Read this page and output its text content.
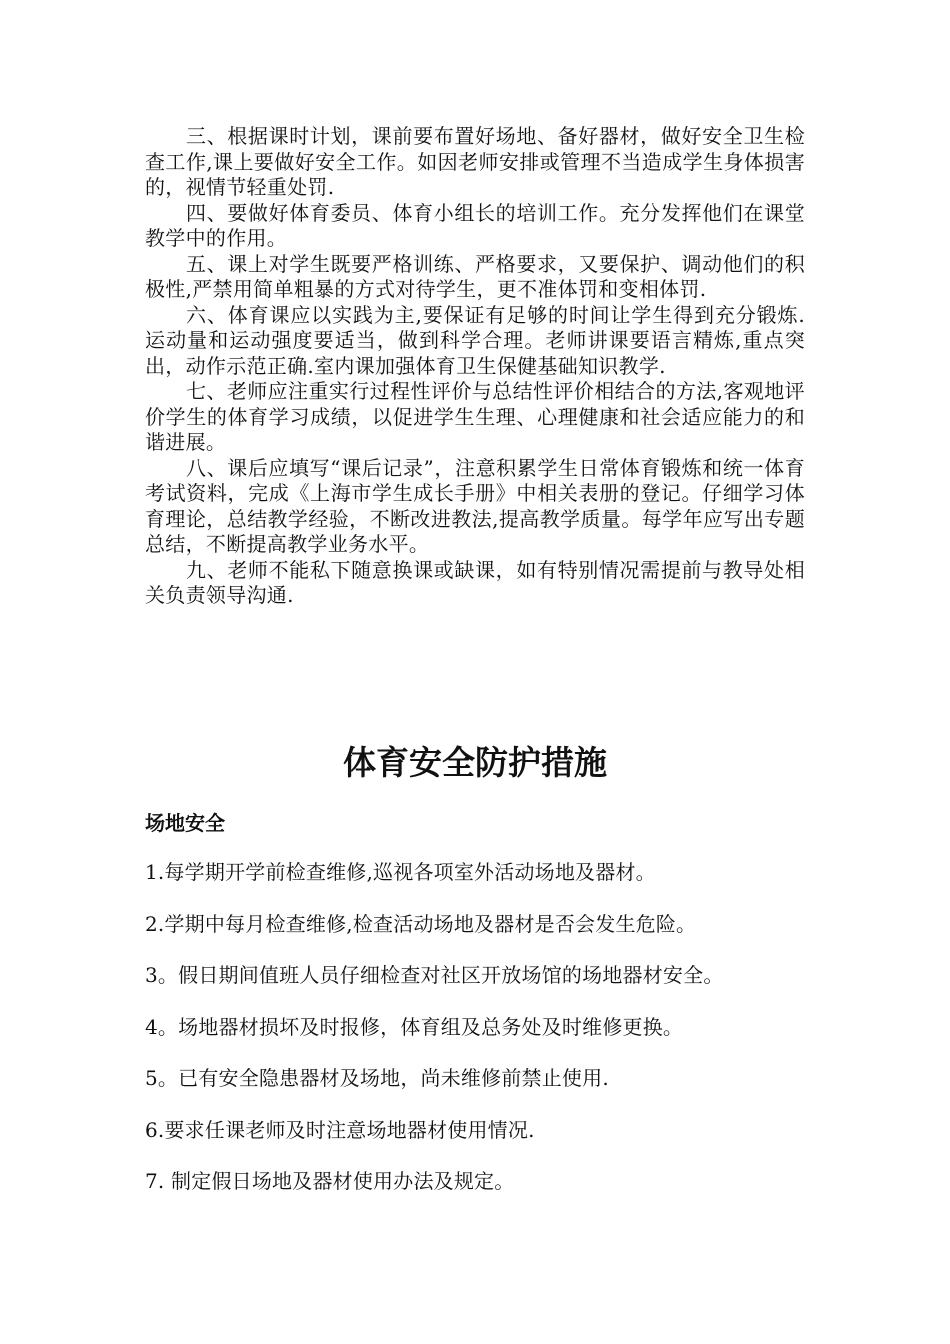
三、根据课时计划，课前要布置好场地、备好器材，做好安全卫生检查工作,课上要做好安全工作。如因老师安排或管理不当造成学生身体损害的，视情节轻重处罚.

四、要做好体育委员、体育小组长的培训工作。充分发挥他们在课堂教学中的作用。

五、课上对学生既要严格训练、严格要求，又要保护、调动他们的积极性,严禁用简单粗暴的方式对待学生，更不准体罚和变相体罚.

六、体育课应以实践为主,要保证有足够的时间让学生得到充分锻炼.运动量和运动强度要适当，做到科学合理。老师讲课要语言精炼,重点突出，动作示范正确.室内课加强体育卫生保健基础知识教学.

七、老师应注重实行过程性评价与总结性评价相结合的方法,客观地评价学生的体育学习成绩，以促进学生生理、心理健康和社会适应能力的和谐进展。

八、课后应填写“课后记录”，注意积累学生日常体育锻炼和统一体育考试资料，完成《上海市学生成长手册》中相关表册的登记。仔细学习体育理论，总结教学经验，不断改进教法,提高教学质量。每学年应写出专题总结，不断提高教学业务水平。

九、老师不能私下随意换课或缺课，如有特别情况需提前与教导处相关负责领导沟通.

体育安全防护措施
场地安全
1.每学期开学前检查维修,巡视各项室外活动场地及器材。
2.学期中每月检查维修,检查活动场地及器材是否会发生危险。
3。假日期间值班人员仔细检查对社区开放场馆的场地器材安全。
4。场地器材损坏及时报修，体育组及总务处及时维修更换。
5。已有安全隐患器材及场地，尚未维修前禁止使用.
6.要求任课老师及时注意场地器材使用情况.
7. 制定假日场地及器材使用办法及规定。
